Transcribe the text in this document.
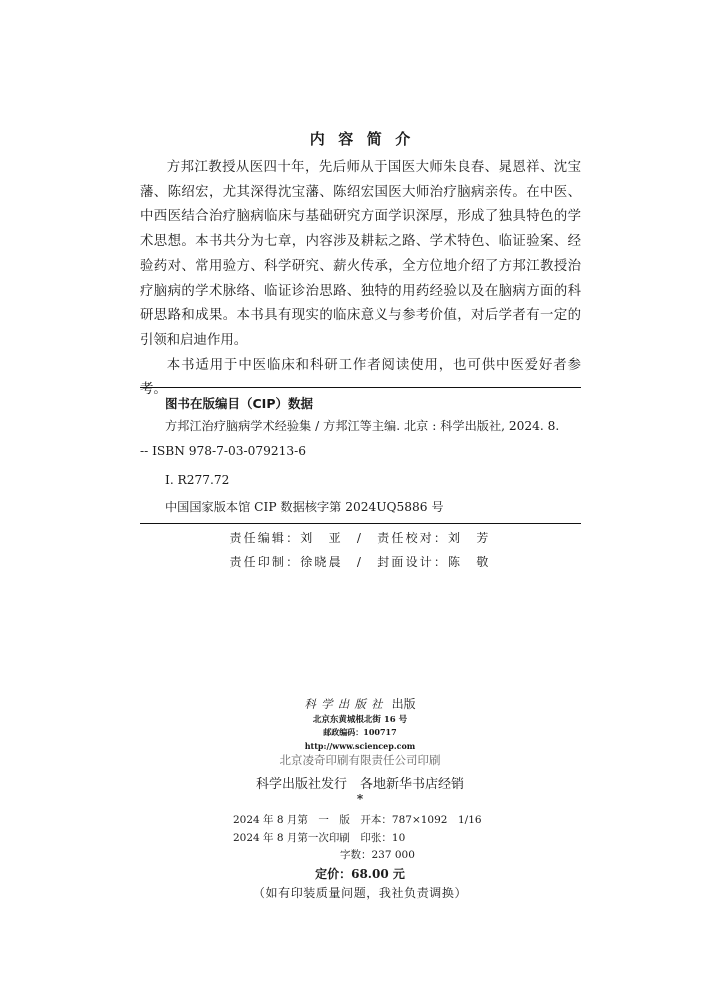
内容简介

方邦江教授从医四十年，先后师从于国医大师朱良春、晁恩祥、沈宝藩、陈绍宏，尤其深得沈宝藩、陈绍宏国医大师治疗脑病亲传。在中医、中西医结合治疗脑病临床与基础研究方面学识深厚，形成了独具特色的学术思想。本书共分为七章，内容涉及耕耘之路、学术特色、临证验案、经验药对、常用验方、科学研究、薪火传承，全方位地介绍了方邦江教授治疗脑病的学术脉络、临证诊治思路、独特的用药经验以及在脑病方面的科研思路和成果。本书具有现实的临床意义与参考价值，对后学者有一定的引领和启迪作用。

本书适用于中医临床和科研工作者阅读使用，也可供中医爱好者参考。

图书在版编目（CIP）数据
方邦江治疗脑病学术经验集 / 方邦江等主编. 北京 : 科学出版社, 2024. 8.
-- ISBN 978-7-03-079213-6
Ⅰ. R277.72
中国国家版本馆 CIP 数据核字第 2024UQ5886 号
责任编辑：刘　亚　/　责任校对：刘　芳
责任印制：徐晓晨　/　封面设计：陈　敬
科学出版社 出版
北京东黄城根北街 16 号
邮政编码：100717
http://www.sciencep.com
北京凌奇印刷有限责任公司印刷
科学出版社发行　各地新华书店经销
*
2024 年 8 月第　一　版　开本：787×1092　1/16
2024 年 8 月第一次印刷　印张：10
字数：237 000
定价：68.00 元
（如有印装质量问题，我社负责调换）
